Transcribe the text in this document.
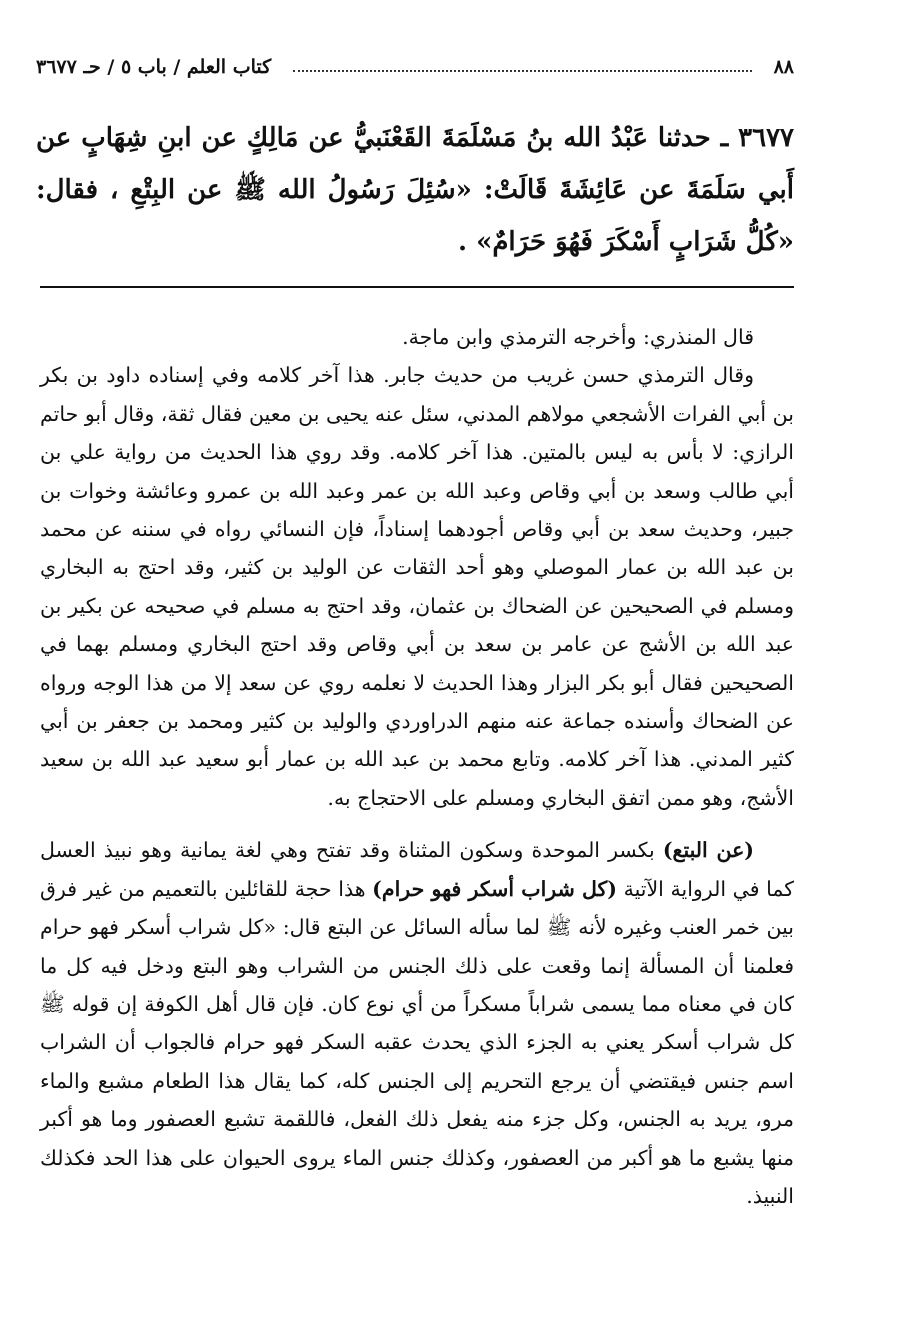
٨٨
كتاب العلم / باب ٥ / حـ ٣٦٧٧
٣٦٧٧ ـ حدثنا عَبْدُ الله بنُ مَسْلَمَةَ القَعْنَبيُّ عن مَالِكٍ عن ابنِ شِهَابٍ عن أَبي سَلَمَةَ عن عَائِشَةَ قَالَتْ: «سُئِلَ رَسُولُ الله ﷺ عن البِتْعِ ، فقال: «كُلُّ شَرَابٍ أَسْكَرَ فَهُوَ حَرَامٌ» .

قال المنذري: وأخرجه الترمذي وابن ماجة.

وقال الترمذي حسن غريب من حديث جابر. هذا آخر كلامه وفي إسناده داود بن بكر بن أبي الفرات الأشجعي مولاهم المدني، سئل عنه يحيى بن معين فقال ثقة، وقال أبو حاتم الرازي: لا بأس به ليس بالمتين. هذا آخر كلامه. وقد روي هذا الحديث من رواية علي بن أبي طالب وسعد بن أبي وقاص وعبد الله بن عمر وعبد الله بن عمرو وعائشة وخوات بن جبير، وحديث سعد بن أبي وقاص أجودهما إسناداً، فإن النسائي رواه في سننه عن محمد بن عبد الله بن عمار الموصلي وهو أحد الثقات عن الوليد بن كثير، وقد احتج به البخاري ومسلم في الصحيحين عن الضحاك بن عثمان، وقد احتج به مسلم في صحيحه عن بكير بن عبد الله بن الأشج عن عامر بن سعد بن أبي وقاص وقد احتج البخاري ومسلم بهما في الصحيحين فقال أبو بكر البزار وهذا الحديث لا نعلمه روي عن سعد إلا من هذا الوجه ورواه عن الضحاك وأسنده جماعة عنه منهم الدراوردي والوليد بن كثير ومحمد بن جعفر بن أبي كثير المدني. هذا آخر كلامه. وتابع محمد بن عبد الله بن عمار أبو سعيد عبد الله بن سعيد الأشج، وهو ممن اتفق البخاري ومسلم على الاحتجاج به.

(عن البتع) بكسر الموحدة وسكون المثناة وقد تفتح وهي لغة يمانية وهو نبيذ العسل كما في الرواية الآتية (كل شراب أسكر فهو حرام) هذا حجة للقائلين بالتعميم من غير فرق بين خمر العنب وغيره لأنه ﷺ لما سأله السائل عن البتع قال: «كل شراب أسكر فهو حرام فعلمنا أن المسألة إنما وقعت على ذلك الجنس من الشراب وهو البتع ودخل فيه كل ما كان في معناه مما يسمى شراباً مسكراً من أي نوع كان. فإن قال أهل الكوفة إن قوله ﷺ كل شراب أسكر يعني به الجزء الذي يحدث عقبه السكر فهو حرام فالجواب أن الشراب اسم جنس فيقتضي أن يرجع التحريم إلى الجنس كله، كما يقال هذا الطعام مشبع والماء مرو، يريد به الجنس، وكل جزء منه يفعل ذلك الفعل، فاللقمة تشبع العصفور وما هو أكبر منها يشبع ما هو أكبر من العصفور، وكذلك جنس الماء يروى الحيوان على هذا الحد فكذلك النبيذ.
